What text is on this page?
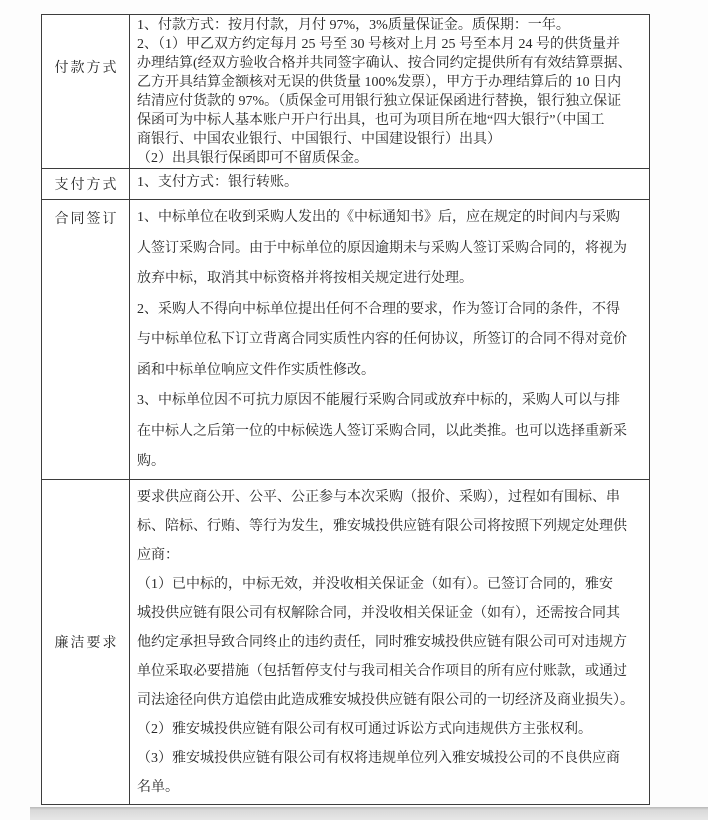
付款方式
1、付款方式：按月付款，月付 97%，3%质量保证金。质保期：一年。
2、（1）甲乙双方约定每月 25 号至 30 号核对上月 25 号至本月 24 号的供货量并
办理结算(经双方验收合格并共同签字确认、按合同约定提供所有有效结算票据、
乙方开具结算金额核对无误的供货量 100%发票），甲方于办理结算后的 10 日内
结清应付货款的 97%。（质保金可用银行独立保证保函进行替换，银行独立保证
保函可为中标人基本账户开户行出具，也可为项目所在地“四大银行”（中国工
商银行、中国农业银行、中国银行、中国建设银行）出具）
（2）出具银行保函即可不留质保金。
支付方式	1、支付方式：银行转账。
合同签订	1、中标单位在收到采购人发出的《中标通知书》后，应在规定的时间内与采购
人签订采购合同。由于中标单位的原因逾期未与采购人签订采购合同的，将视为
放弃中标，取消其中标资格并将按相关规定进行处理。
2、采购人不得向中标单位提出任何不合理的要求，作为签订合同的条件，不得
与中标单位私下订立背离合同实质性内容的任何协议，所签订的合同不得对竞价
函和中标单位响应文件作实质性修改。
3、中标单位因不可抗力原因不能履行采购合同或放弃中标的，采购人可以与排
在中标人之后第一位的中标候选人签订采购合同，以此类推。也可以选择重新采
购。
廉洁要求
要求供应商公开、公平、公正参与本次采购（报价、采购），过程如有围标、串
标、陪标、行贿、等行为发生，雅安城投供应链有限公司将按照下列规定处理供
应商：
（1）已中标的，中标无效，并没收相关保证金（如有）。已签订合同的，雅安
城投供应链有限公司有权解除合同，并没收相关保证金（如有），还需按合同其
他约定承担导致合同终止的违约责任，同时雅安城投供应链有限公司可对违规方
单位采取必要措施（包括暂停支付与我司相关合作项目的所有应付账款，或通过
司法途径向供方追偿由此造成雅安城投供应链有限公司的一切经济及商业损失）。
（2）雅安城投供应链有限公司有权可通过诉讼方式向违规供方主张权利。
（3）雅安城投供应链有限公司有权将违规单位列入雅安城投公司的不良供应商
名单。
